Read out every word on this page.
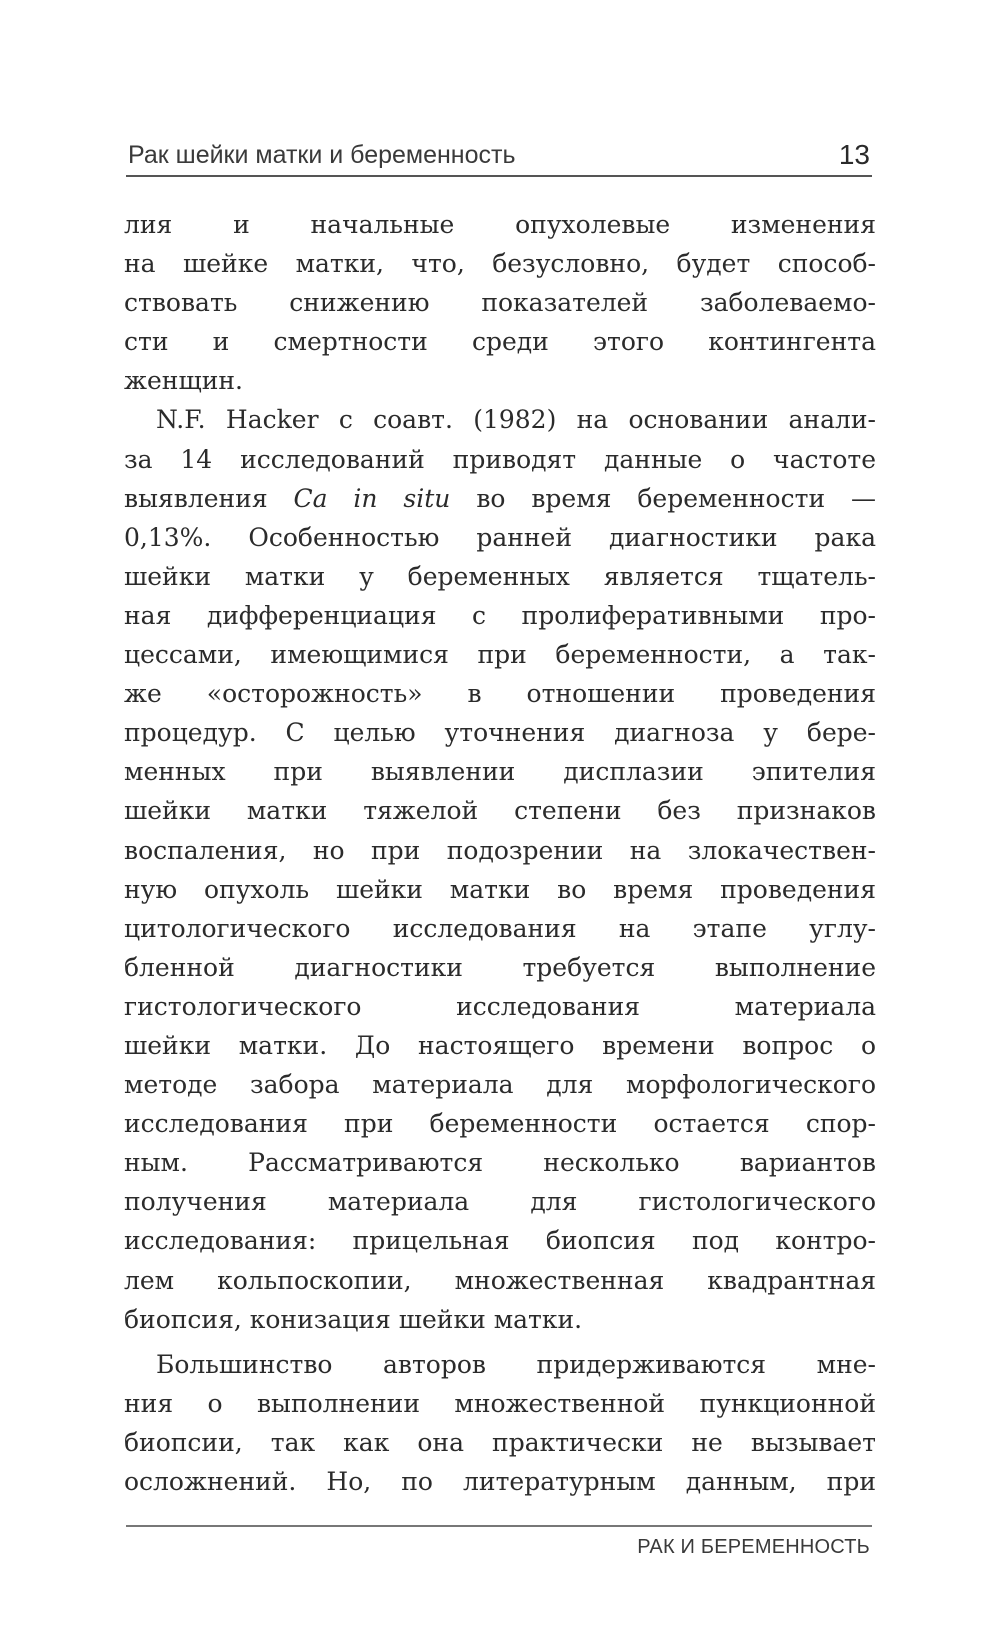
Рак шейки матки и беременность	13
лия и начальные опухолевые изменения
на шейке матки, что, безусловно, будет способ-
ствовать снижению показателей заболеваемо-
сти и смертности среди этого контингента
женщин.
N.F. Hacker с соавт. (1982) на основании анали-
за 14 исследований приводят данные о частоте
выявления Ca in situ во время беременности —
0,13%. Особенностью ранней диагностики рака
шейки матки у беременных является тщатель-
ная дифференциация с пролиферативными про-
цессами, имеющимися при беременности, а так-
же «осторожность» в отношении проведения
процедур. С целью уточнения диагноза у бере-
менных при выявлении дисплазии эпителия
шейки матки тяжелой степени без признаков
воспаления, но при подозрении на злокачествен-
ную опухоль шейки матки во время проведения
цитологического исследования на этапе углу-
бленной диагностики требуется выполнение
гистологического исследования материала
шейки матки. До настоящего времени вопрос о
методе забора материала для морфологического
исследования при беременности остается спор-
ным. Рассматриваются несколько вариантов
получения материала для гистологического
исследования: прицельная биопсия под контро-
лем кольпоскопии, множественная квадрантная
биопсия, конизация шейки матки.
Большинство авторов придерживаются мне-
ния о выполнении множественной пункционной
биопсии, так как она практически не вызывает
осложнений. Но, по литературным данным, при
РАК И БЕРЕМЕННОСТЬ
